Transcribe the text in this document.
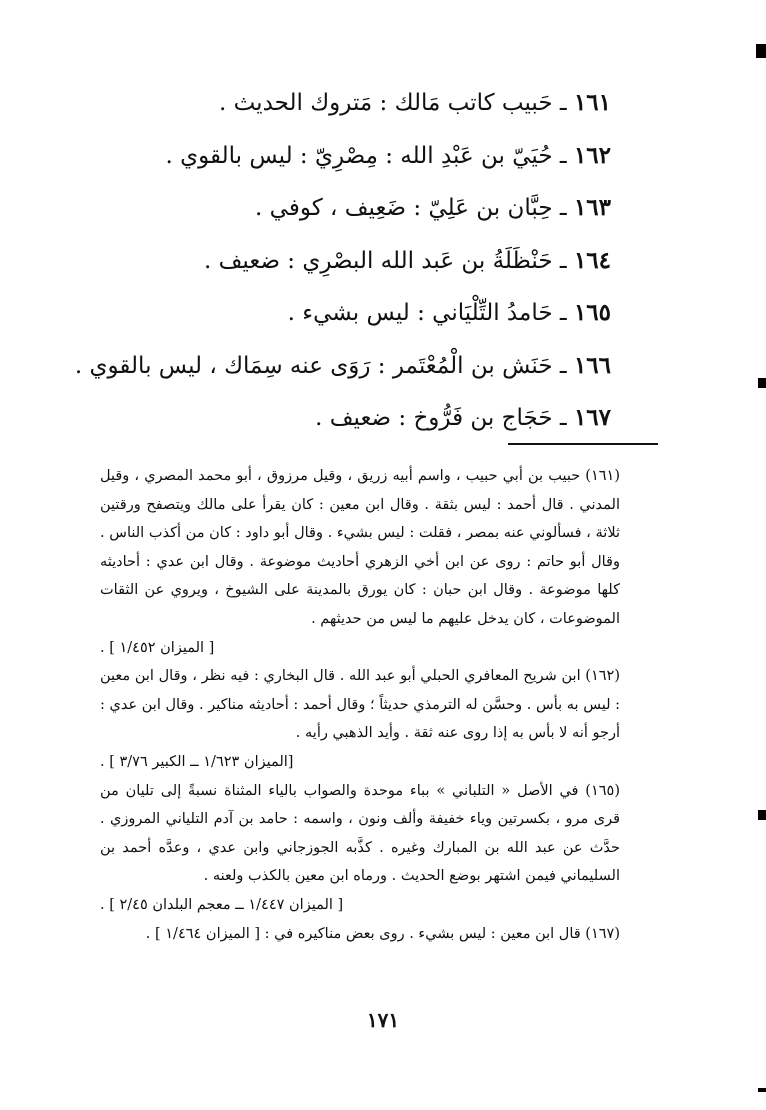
١٦١ ـ حَبيب كاتب مَالك : مَتروك الحديث .
١٦٢ ـ حُيَيّ بن عَبْدِ الله : مِصْرِيّ : ليس بالقوي .
١٦٣ ـ حِبَّان بن عَلِيّ : ضَعِيف ، كوفي .
١٦٤ ـ حَنْظَلَةُ بن عَبد الله البصْرِي : ضعيف .
١٦٥ ـ حَامدُ التِّلْيَاني : ليس بشيء .
١٦٦ ـ حَنَش بن الْمُعْتَمر : رَوَى عنه سِمَاك ، ليس بالقوي .
١٦٧ ـ حَجَاج بن فَرُّوخ : ضعيف .

(١٦١) حبيب بن أبي حبيب ، واسم أبيه زريق ، وقيل مرزوق ، أبو محمد المصري ، وقيل المدني . قال أحمد : ليس بثقة . وقال ابن معين : كان يقرأ على مالك ويتصفح ورقتين ثلاثة ، فسألوني عنه بمصر ، فقلت : ليس بشيء . وقال أبو داود : كان من أكذب الناس . وقال أبو حاتم : روى عن ابن أخي الزهري أحاديث موضوعة . وقال ابن عدي : أحاديثه كلها موضوعة . وقال ابن حبان : كان يورق بالمدينة على الشيوخ ، ويروي عن الثقات الموضوعات ، كان يدخل عليهم ما ليس من حديثهم .

[ الميزان ١/٤٥٢ ] .

(١٦٢) ابن شريح المعافري الحبلي أبو عبد الله . قال البخاري : فيه نظر ، وقال ابن معين : ليس به بأس . وحسَّن له الترمذي حديثاً ؛ وقال أحمد : أحاديثه مناكير . وقال ابن عدي : أرجو أنه لا بأس به إذا روى عنه ثقة . وأيد الذهبي رأيه .

[الميزان ١/٦٢٣ ــ الكبير ٣/٧٦ ] .

(١٦٥) في الأصل « التلباني » بباء موحدة والصواب بالياء المثناة نسبةً إلى تليان من قرى مرو ، بكسرتين وياء خفيفة وألف ونون ، واسمه : حامد بن آدم التلياني المروزي . حدَّث عن عبد الله بن المبارك وغيره . كذَّبه الجوزجاني وابن عدي ، وعدَّه أحمد بن السليماني فيمن اشتهر بوضع الحديث . ورماه ابن معين بالكذب ولعنه .

[ الميزان ١/٤٤٧ ــ معجم البلدان ٢/٤٥ ] .

(١٦٧) قال ابن معين : ليس بشيء . روى بعض مناكيره في : [ الميزان ١/٤٦٤ ] .

١٧١
